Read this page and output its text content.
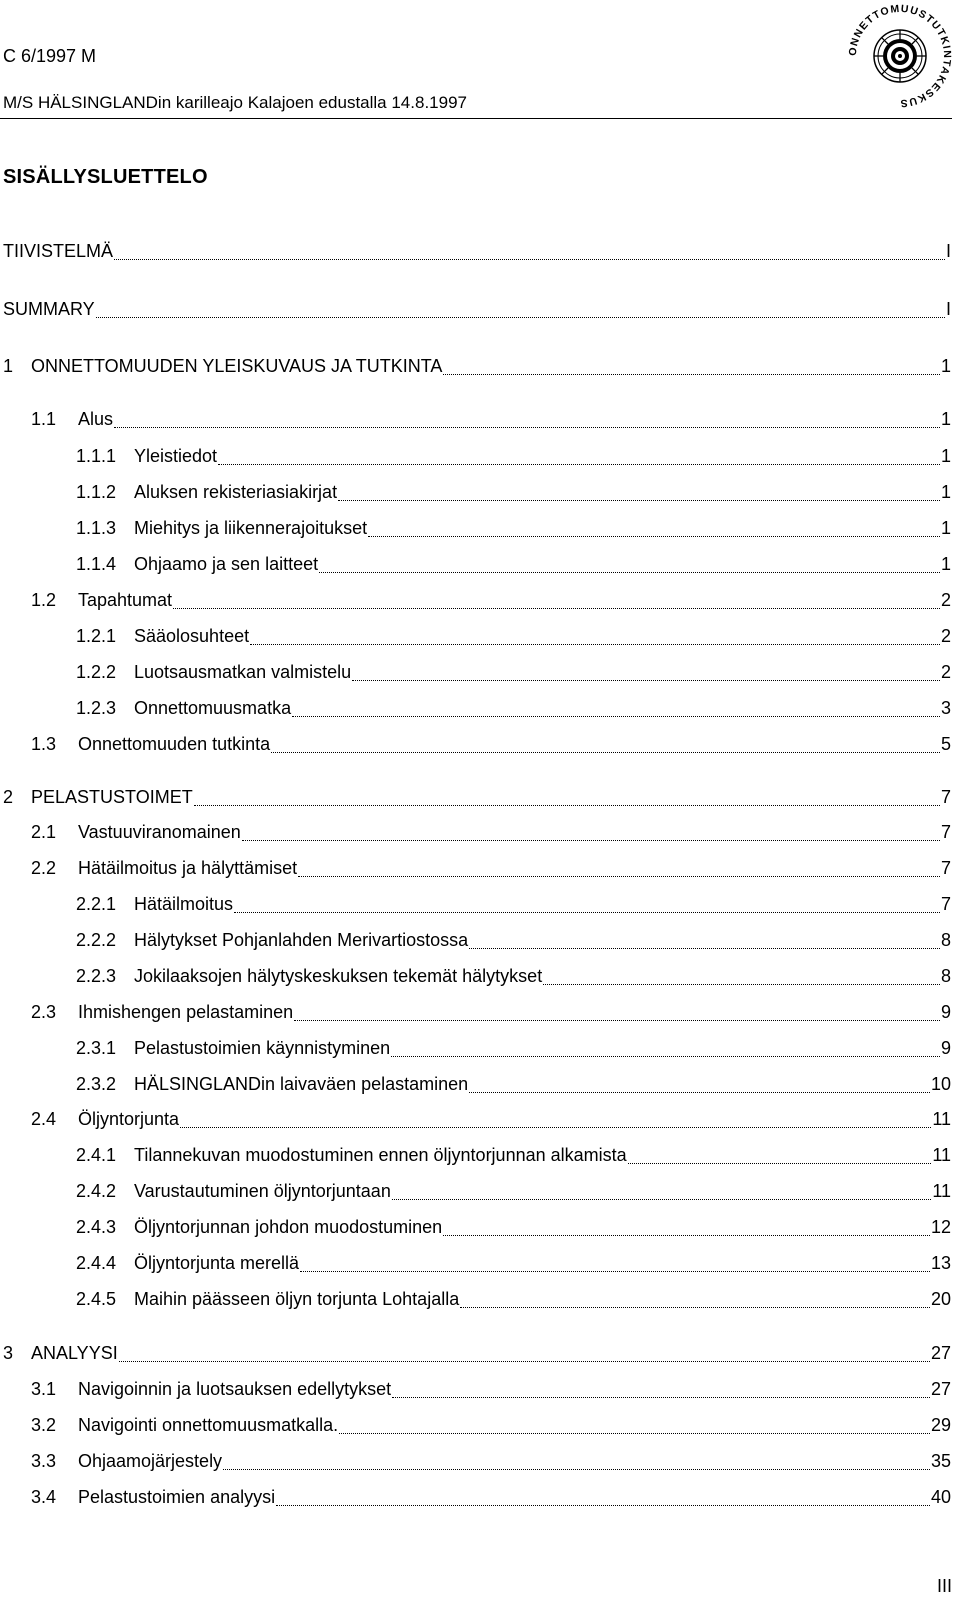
C 6/1997 M
M/S HÄLSINGLANDin karilleajo Kalajoen edustalla 14.8.1997
ONNETTOMUUSTUTKINTAKESKUS
SISÄLLYSLUETTELO
TIIVISTELMÄ	I
SUMMARY	I
1 ONNETTOMUUDEN YLEISKUVAUS JA TUTKINTA	1
1.1 Alus	1
1.1.1 Yleistiedot	1
1.1.2 Aluksen rekisteriasiakirjat	1
1.1.3 Miehitys ja liikennerajoitukset	1
1.1.4 Ohjaamo ja sen laitteet	1
1.2 Tapahtumat	2
1.2.1 Sääolosuhteet	2
1.2.2 Luotsausmatkan valmistelu	2
1.2.3 Onnettomuusmatka	3
1.3 Onnettomuuden tutkinta	5
2 PELASTUSTOIMET	7
2.1 Vastuuviranomainen	7
2.2 Hätäilmoitus ja hälyttämiset	7
2.2.1 Hätäilmoitus	7
2.2.2 Hälytykset Pohjanlahden Merivartiostossa	8
2.2.3 Jokilaaksojen hälytyskeskuksen tekemät hälytykset	8
2.3 Ihmishengen pelastaminen	9
2.3.1 Pelastustoimien käynnistyminen	9
2.3.2 HÄLSINGLANDin laivaväen pelastaminen	10
2.4 Öljyntorjunta	11
2.4.1 Tilannekuvan muodostuminen ennen öljyntorjunnan alkamista	11
2.4.2 Varustautuminen öljyntorjuntaan	11
2.4.3 Öljyntorjunnan johdon muodostuminen	12
2.4.4 Öljyntorjunta merellä	13
2.4.5 Maihin päässeen öljyn torjunta Lohtajalla	20
3 ANALYYSI	27
3.1 Navigoinnin ja luotsauksen edellytykset	27
3.2 Navigointi onnettomuusmatkalla.	29
3.3 Ohjaamojärjestely	35
3.4 Pelastustoimien analyysi	40
III
